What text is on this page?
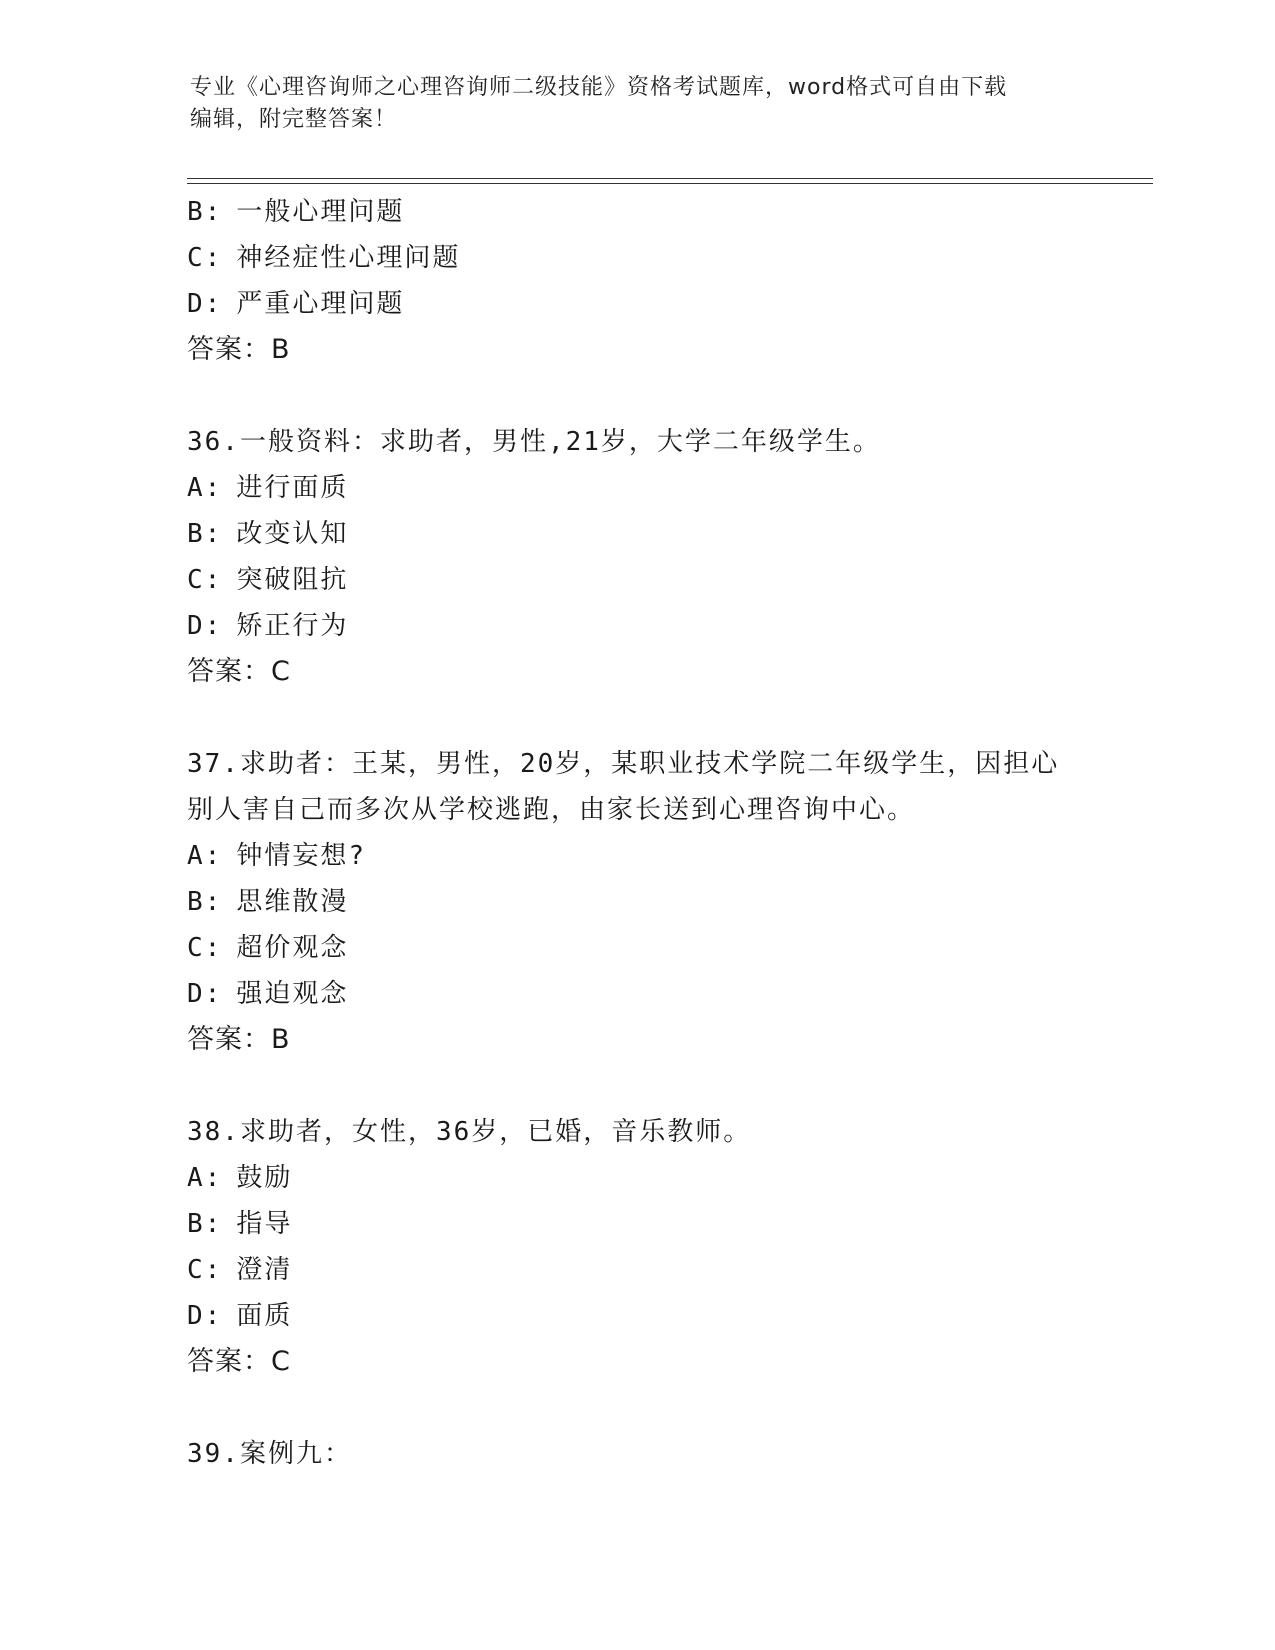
专业《心理咨询师之心理咨询师二级技能》资格考试题库，word格式可自由下载
编辑，附完整答案！
B: 一般心理问题
C: 神经症性心理问题
D: 严重心理问题
答案：B
36.一般资料：求助者，男性,21岁，大学二年级学生。
A: 进行面质
B: 改变认知
C: 突破阻抗
D: 矫正行为
答案：C
37.求助者：王某，男性，20岁，某职业技术学院二年级学生，因担心
别人害自己而多次从学校逃跑，由家长送到心理咨询中心。
A: 钟情妄想?
B: 思维散漫
C: 超价观念
D: 强迫观念
答案：B
38.求助者，女性，36岁，已婚，音乐教师。
A: 鼓励
B: 指导
C: 澄清
D: 面质
答案：C
39.案例九：
